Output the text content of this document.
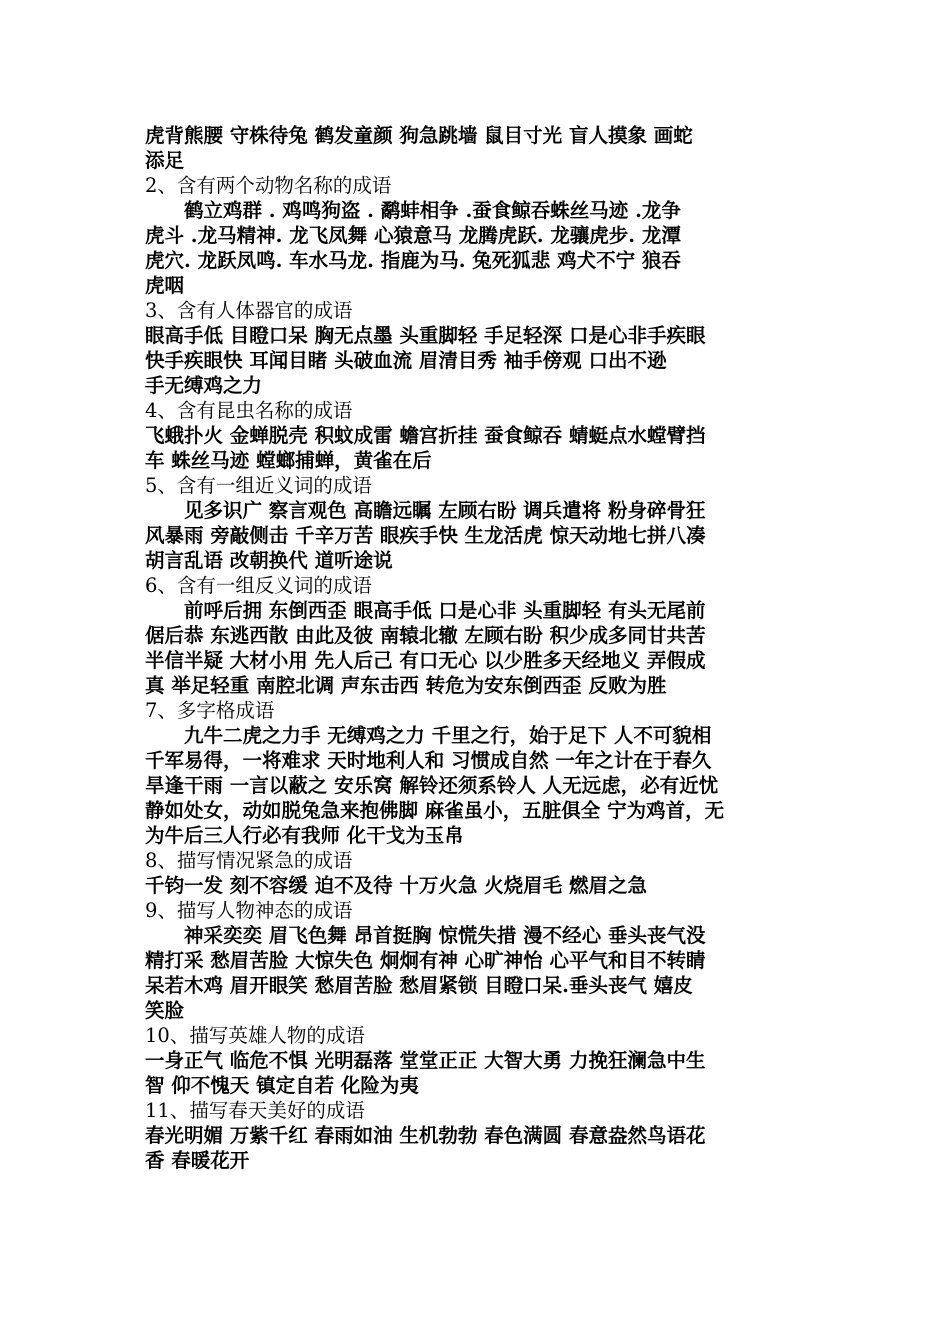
虎背熊腰 守株待兔 鹤发童颜 狗急跳墙 鼠目寸光 盲人摸象 画蛇
添足
2、含有两个动物名称的成语
　　鹤立鸡群 . 鸡鸣狗盗 . 鹬蚌相争 .蚕食鲸吞蛛丝马迹 .龙争
虎斗 .龙马精神. 龙飞凤舞 心猿意马 龙腾虎跃. 龙骧虎步. 龙潭
虎穴. 龙跃凤鸣. 车水马龙. 指鹿为马. 兔死狐悲 鸡犬不宁 狼吞
虎咽
3、含有人体器官的成语
眼高手低 目瞪口呆 胸无点墨 头重脚轻 手足轻深 口是心非手疾眼
快手疾眼快 耳闻目睹 头破血流 眉清目秀 袖手傍观 口出不逊
手无缚鸡之力
4、含有昆虫名称的成语
飞蛾扑火 金蝉脱壳 积蚊成雷 蟾宫折挂 蚕食鲸吞 蜻蜓点水螳臂挡
车 蛛丝马迹 螳螂捕蝉，黄雀在后
5、含有一组近义词的成语
　　见多识广 察言观色 高瞻远瞩 左顾右盼 调兵遣将 粉身碎骨狂
风暴雨 旁敲侧击 千辛万苦 眼疾手快 生龙活虎 惊天动地七拼八凑
胡言乱语 改朝换代 道听途说
6、含有一组反义词的成语
　　前呼后拥 东倒西歪 眼高手低 口是心非 头重脚轻 有头无尾前
倨后恭 东逃西散 由此及彼 南辕北辙 左顾右盼 积少成多同甘共苦
半信半疑 大材小用 先人后己 有口无心 以少胜多天经地义 弄假成
真 举足轻重 南腔北调 声东击西 转危为安东倒西歪 反败为胜
7、多字格成语
　　九牛二虎之力手 无缚鸡之力 千里之行，始于足下 人不可貌相
千军易得，一将难求 天时地利人和 习惯成自然 一年之计在于春久
旱逢干雨 一言以蔽之 安乐窝 解铃还须系铃人 人无远虑，必有近忧
静如处女，动如脱兔急来抱佛脚 麻雀虽小，五脏俱全 宁为鸡首，无
为牛后三人行必有我师 化干戈为玉帛
8、描写情况紧急的成语
千钧一发 刻不容缓 迫不及待 十万火急 火烧眉毛 燃眉之急
9、描写人物神态的成语
　　神采奕奕 眉飞色舞 昂首挺胸 惊慌失措 漫不经心 垂头丧气没
精打采 愁眉苦脸 大惊失色 炯炯有神 心旷神怡 心平气和目不转睛
呆若木鸡 眉开眼笑 愁眉苦脸 愁眉紧锁 目瞪口呆.垂头丧气 嬉皮
笑脸
10、描写英雄人物的成语
一身正气 临危不惧 光明磊落 堂堂正正 大智大勇 力挽狂澜急中生
智 仰不愧天 镇定自若 化险为夷
11、描写春天美好的成语
春光明媚 万紫千红 春雨如油 生机勃勃 春色满圆 春意盎然鸟语花
香 春暖花开
